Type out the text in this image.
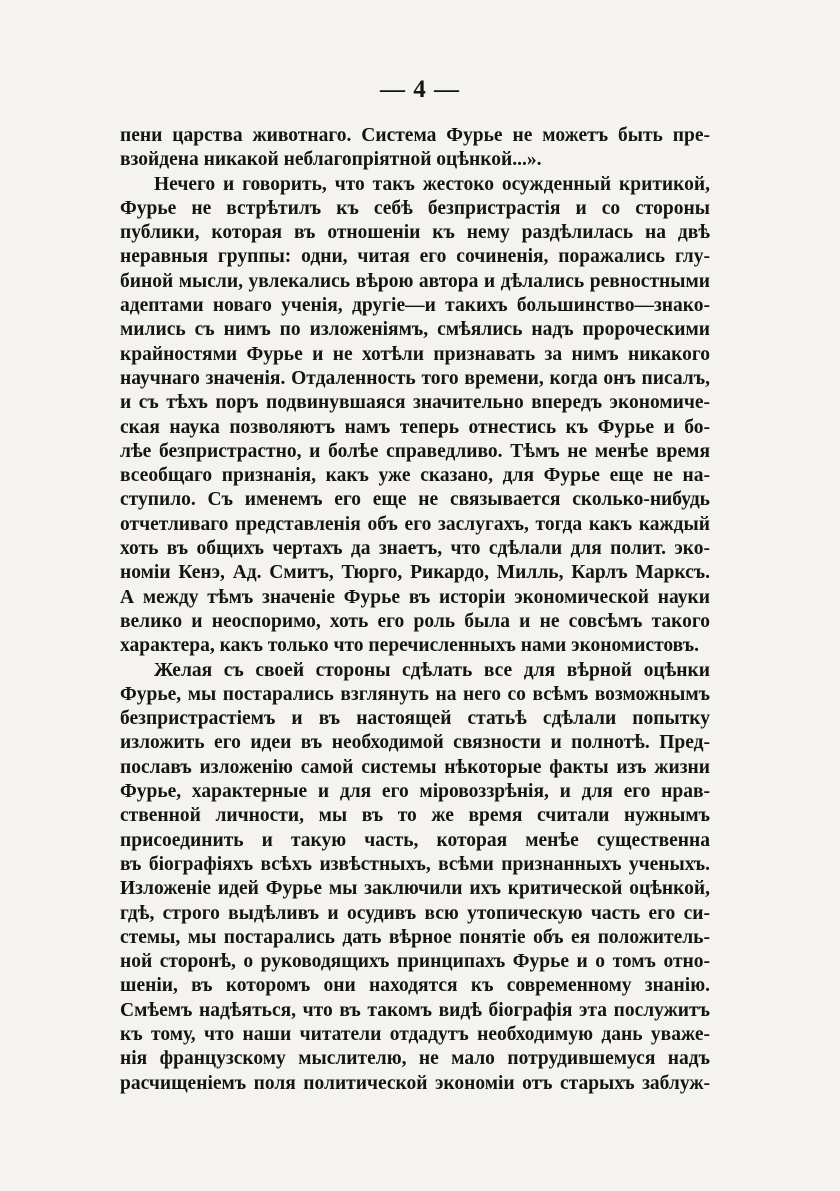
— 4 —
пени царства животнаго. Система Фурье не можетъ быть пре-
взойдена никакой неблагопріятной оцѣнкой...».
Нечего и говорить, что такъ жестоко осужденный критикой,
Фурье не встрѣтилъ къ себѣ безпристрастія и со стороны
публики, которая въ отношеніи къ нему раздѣлилась на двѣ
неравныя группы: одни, читая его сочиненія, поражались глу-
биной мысли, увлекались вѣрою автора и дѣлались ревностными
адептами новаго ученія, другіе—и такихъ большинство—знако-
мились съ нимъ по изложеніямъ, смѣялись надъ пророческими
крайностями Фурье и не хотѣли признавать за нимъ никакого
научнаго значенія. Отдаленность того времени, когда онъ писалъ,
и съ тѣхъ поръ подвинувшаяся значительно впередъ экономиче-
ская наука позволяютъ намъ теперь отнестись къ Фурье и бо-
лѣе безпристрастно, и болѣе справедливо. Тѣмъ не менѣе время
всеобщаго признанія, какъ уже сказано, для Фурье еще не на-
ступило. Съ именемъ его еще не связывается сколько-нибудь
отчетливаго представленія объ его заслугахъ, тогда какъ каждый
хоть въ общихъ чертахъ да знаетъ, что сдѣлали для полит. эко-
номіи Кенэ, Ад. Смитъ, Тюрго, Рикардо, Милль, Карлъ Марксъ.
А между тѣмъ значеніе Фурье въ исторіи экономической науки
велико и неоспоримо, хоть его роль была и не совсѣмъ такого
характера, какъ только что перечисленныхъ нами экономистовъ.
Желая съ своей стороны сдѣлать все для вѣрной оцѣнки
Фурье, мы постарались взглянуть на него со всѣмъ возможнымъ
безпристрастіемъ и въ настоящей статьѣ сдѣлали попытку
изложить его идеи въ необходимой связности и полнотѣ. Пред-
пославъ изложенію самой системы нѣкоторые факты изъ жизни
Фурье, характерные и для его міровоззрѣнія, и для его нрав-
ственной личности, мы въ то же время считали нужнымъ
присоединить и такую часть, которая менѣе существенна
въ біографіяхъ всѣхъ извѣстныхъ, всѣми признанныхъ ученыхъ.
Изложеніе идей Фурье мы заключили ихъ критической оцѣнкой,
гдѣ, строго выдѣливъ и осудивъ всю утопическую часть его си-
стемы, мы постарались дать вѣрное понятіе объ ея положитель-
ной сторонѣ, о руководящихъ принципахъ Фурье и о томъ отно-
шеніи, въ которомъ они находятся къ современному знанію.
Смѣемъ надѣяться, что въ такомъ видѣ біографія эта послужитъ
къ тому, что наши читатели отдадутъ необходимую дань уваже-
нія французскому мыслителю, не мало потрудившемуся надъ
расчищеніемъ поля политической экономіи отъ старыхъ заблуж-
